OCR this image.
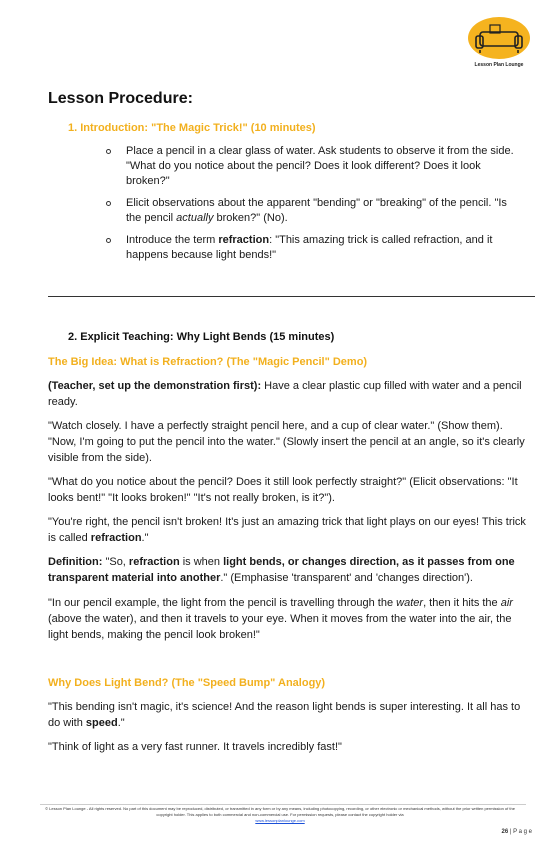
Lesson Plan Lounge
Lesson Procedure:
1. Introduction: "The Magic Trick!" (10 minutes)
Place a pencil in a clear glass of water. Ask students to observe it from the side. "What do you notice about the pencil? Does it look different? Does it look broken?"
Elicit observations about the apparent "bending" or "breaking" of the pencil. "Is the pencil actually broken?" (No).
Introduce the term refraction: "This amazing trick is called refraction, and it happens because light bends!"
2. Explicit Teaching: Why Light Bends (15 minutes)
The Big Idea: What is Refraction? (The "Magic Pencil" Demo)

(Teacher, set up the demonstration first): Have a clear plastic cup filled with water and a pencil ready.

"Watch closely. I have a perfectly straight pencil here, and a cup of clear water." (Show them). "Now, I'm going to put the pencil into the water." (Slowly insert the pencil at an angle, so it's clearly visible from the side).

"What do you notice about the pencil? Does it still look perfectly straight?" (Elicit observations: "It looks bent!" "It looks broken!" "It's not really broken, is it?").

"You're right, the pencil isn't broken! It's just an amazing trick that light plays on our eyes! This trick is called refraction."

Definition: "So, refraction is when light bends, or changes direction, as it passes from one transparent material into another." (Emphasise 'transparent' and 'changes direction').

"In our pencil example, the light from the pencil is travelling through the water, then it hits the air (above the water), and then it travels to your eye. When it moves from the water into the air, the light bends, making the pencil look broken!"

Why Does Light Bend? (The "Speed Bump" Analogy)

"This bending isn't magic, it's science! And the reason light bends is super interesting. It all has to do with speed."

"Think of light as a very fast runner. It travels incredibly fast!"

© Lesson Plan Lounge - All rights reserved. No part of this document may be reproduced, distributed, or transmitted in any form or by any means, including photocopying, recording, or other electronic or mechanical methods, without the prior written permission of the copyright holder. This applies to both commercial and non-commercial use. For permission requests, please contact the copyright holder via
www.lessonplanlounge.com
26 | P a g e
